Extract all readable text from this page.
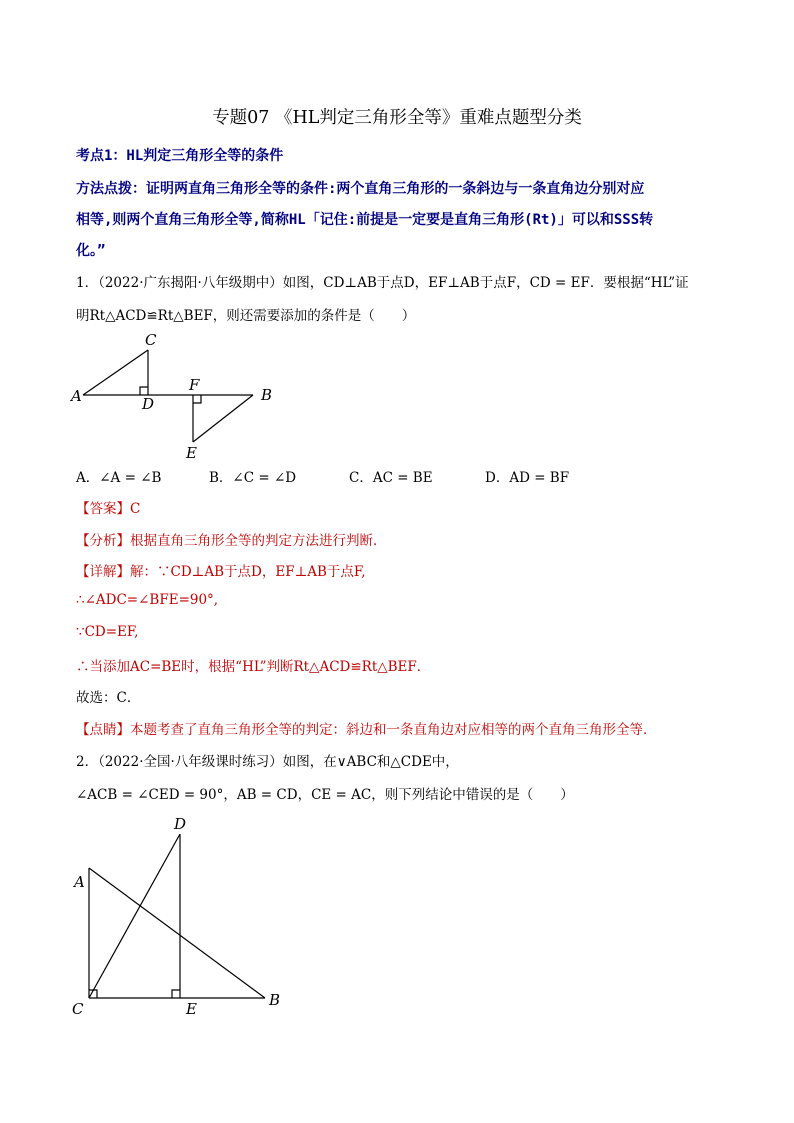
专题07 《HL判定三角形全等》重难点题型分类
考点1：HL判定三角形全等的条件
方法点拨：证明两直角三角形全等的条件:两个直角三角形的一条斜边与一条直角边分别对应
相等,则两个直角三角形全等,简称HL「记住:前提是一定要是直角三角形(Rt)」可以和SSS转
化。”
1．（2022·广东揭阳·八年级期中）如图，CD⊥AB于点D，EF⊥AB于点F，CD = EF．要根据“HL”证
明Rt△ACD≌Rt△BEF，则还需要添加的条件是（　　）
C
A	D
F
B
E
A．∠A = ∠B	B．∠C = ∠D	C．AC = BE	D．AD = BF
【答案】C
【分析】根据直角三角形全等的判定方法进行判断．
【详解】解：∵CD⊥AB于点D，EF⊥AB于点F,
∴∠ADC=∠BFE=90°,
∵CD=EF,
∴当添加AC=BE时，根据“HL”判断Rt△ACD≌Rt△BEF．
故选：C．
【点睛】本题考查了直角三角形全等的判定：斜边和一条直角边对应相等的两个直角三角形全等．
2．（2022·全国·八年级课时练习）如图，在∨ABC和△CDE中，
∠ACB = ∠CED = 90°，AB = CD，CE = AC，则下列结论中错误的是（　　）
D
A
C	E	B
